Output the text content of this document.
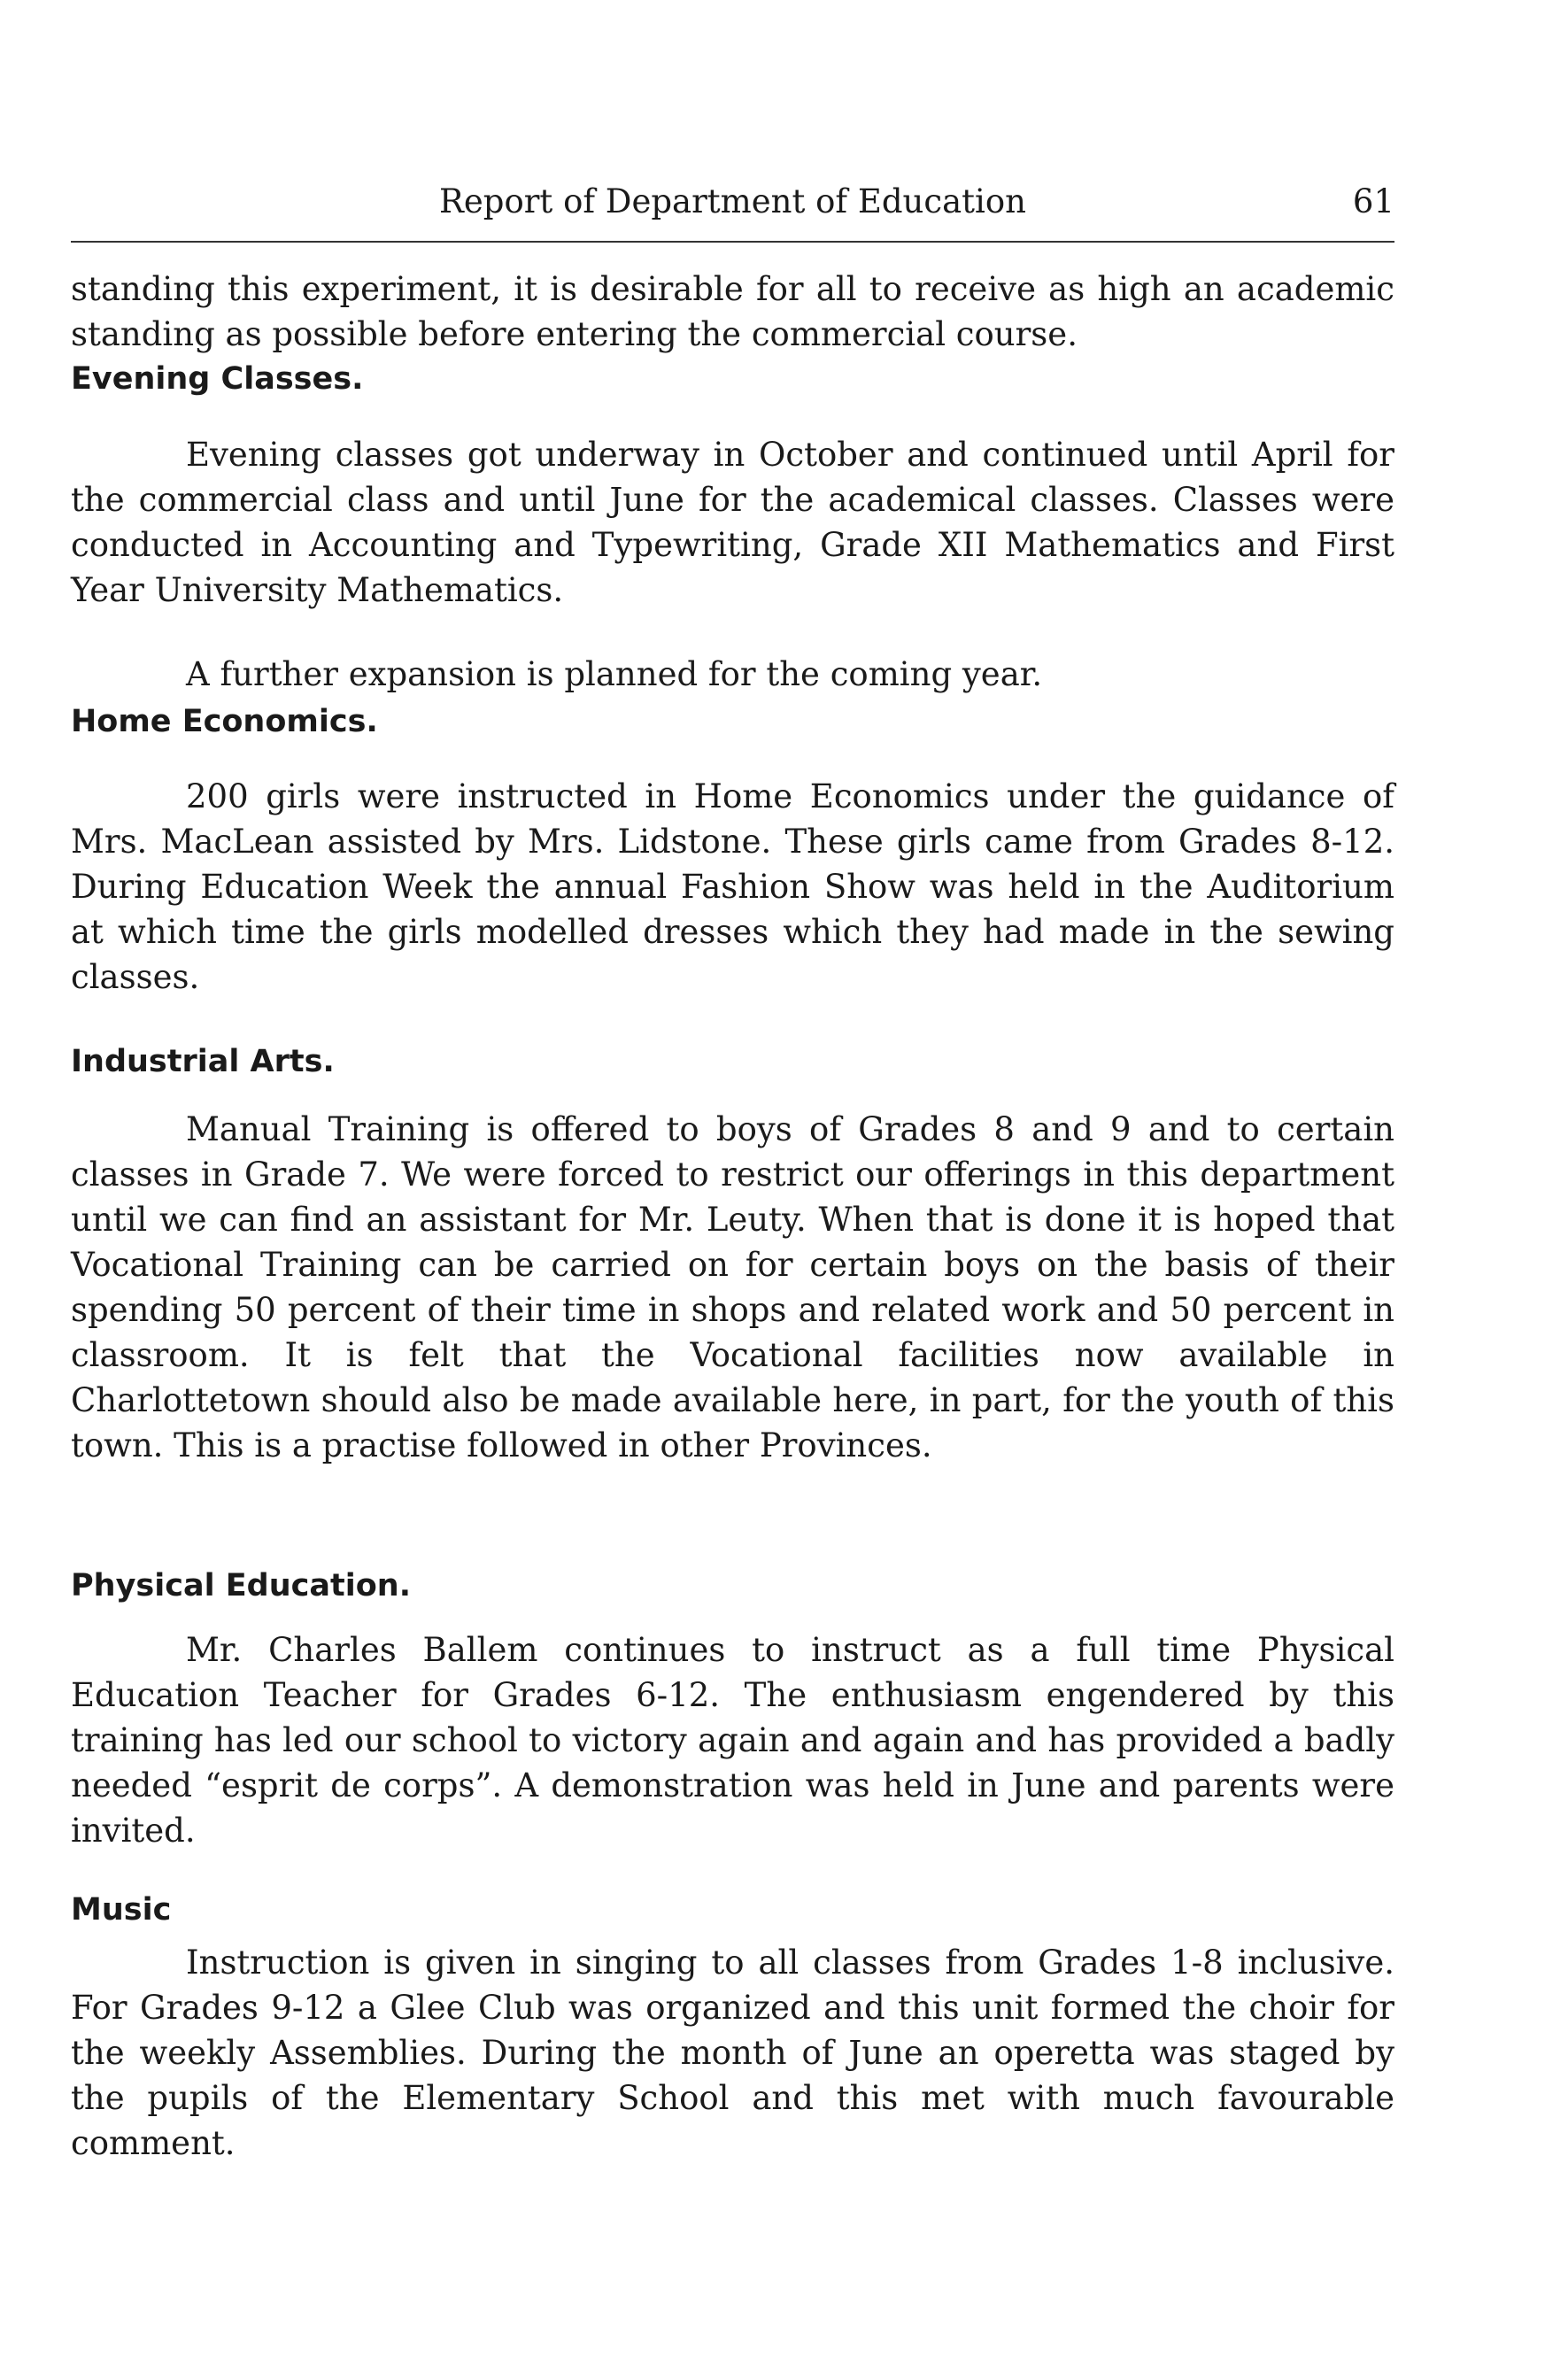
Report of Department of Education	61

standing this experiment, it is desirable for all to receive as high an academic standing as possible before entering the commercial course.

Evening Classes.

Evening classes got underway in October and continued until April for the commercial class and until June for the academical classes. Classes were conducted in Accounting and Typewriting, Grade XII Mathematics and First Year University Mathematics.

A further expansion is planned for the coming year.

Home Economics.

200 girls were instructed in Home Economics under the guidance of Mrs. MacLean assisted by Mrs. Lidstone. These girls came from Grades 8-12. During Education Week the annual Fashion Show was held in the Auditorium at which time the girls modelled dresses which they had made in the sewing classes.

Industrial Arts.

Manual Training is offered to boys of Grades 8 and 9 and to certain classes in Grade 7. We were forced to restrict our offerings in this department until we can find an assistant for Mr. Leuty. When that is done it is hoped that Vocational Training can be carried on for certain boys on the basis of their spending 50 percent of their time in shops and related work and 50 percent in classroom. It is felt that the Vocational facilities now available in Charlottetown should also be made available here, in part, for the youth of this town. This is a practise followed in other Provinces.

Physical Education.

Mr. Charles Ballem continues to instruct as a full time Physical Education Teacher for Grades 6-12. The enthusiasm engendered by this training has led our school to victory again and again and has provided a badly needed “esprit de corps”. A demonstration was held in June and parents were invited.

Music

Instruction is given in singing to all classes from Grades 1-8 inclusive. For Grades 9-12 a Glee Club was organized and this unit formed the choir for the weekly Assemblies. During the month of June an operetta was staged by the pupils of the Elementary School and this met with much favourable comment.
